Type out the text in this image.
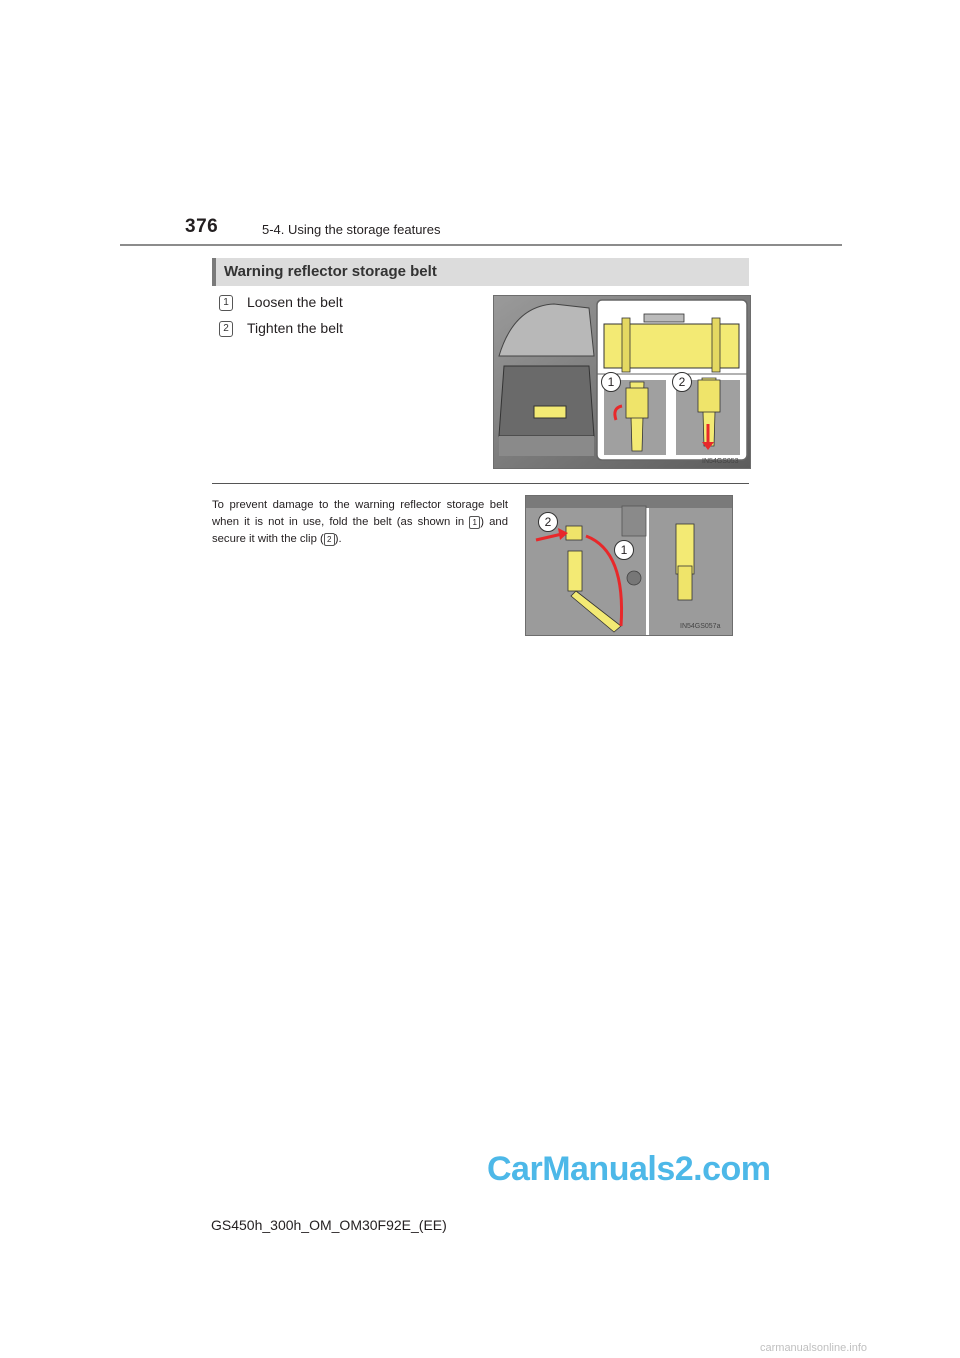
376	5-4. Using the storage features
Warning reflector storage belt
1 Loosen the belt
2 Tighten the belt
1	2
IN54GS053
To prevent damage to the warning reflector storage belt when it is not in use, fold the belt (as shown in 1 ) and secure it with the clip ( 2 ).
2
1
IN54GS057a
CarManuals2.com
GS450h_300h_OM_OM30F92E_(EE)
carmanualsonline.info
